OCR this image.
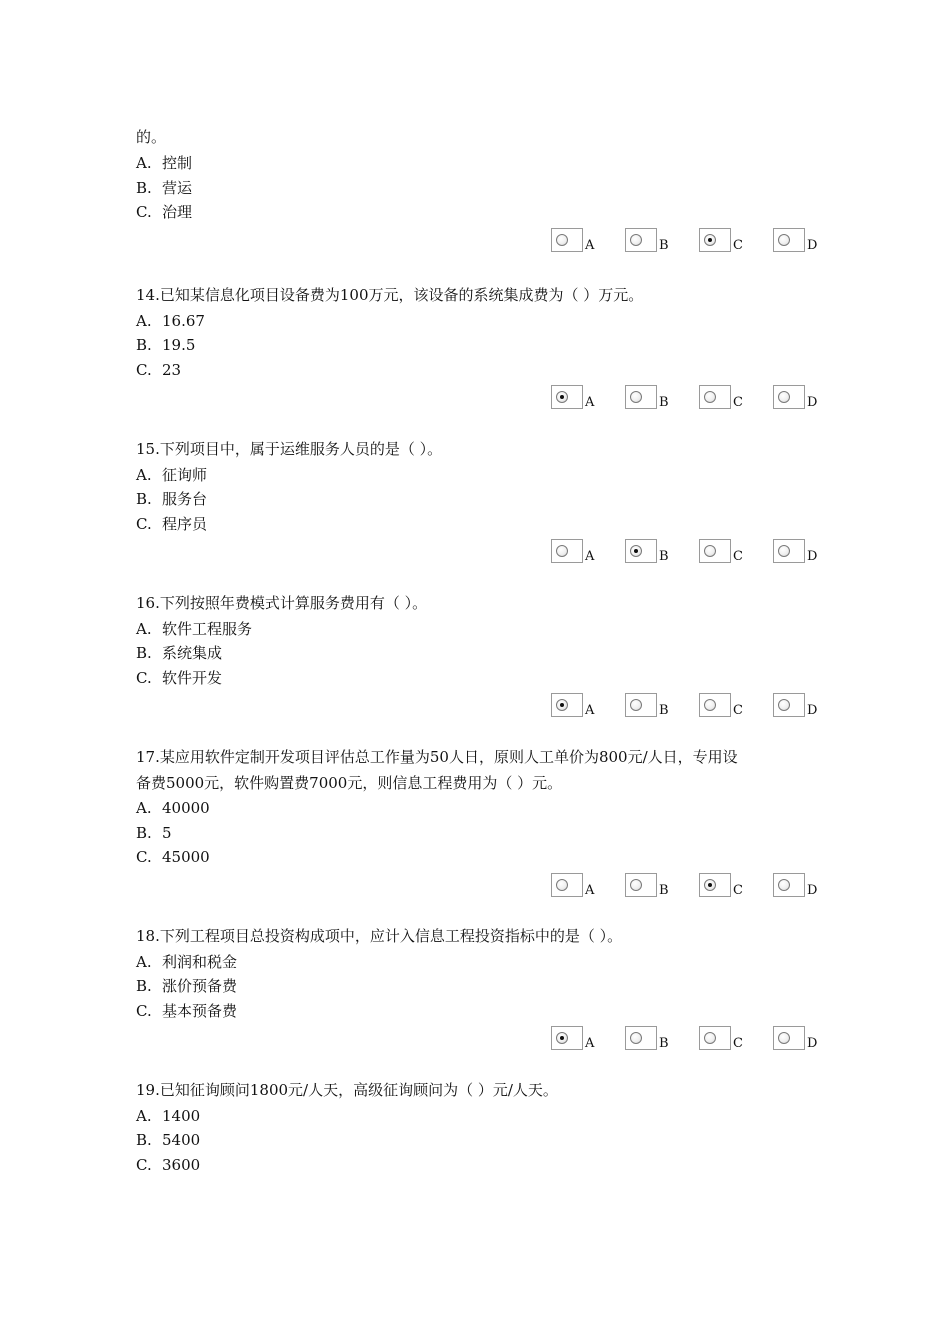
的。
A. 控制
B. 营运
C. 治理
A	B	C	D
14.已知某信息化项目设备费为100万元，该设备的系统集成费为（ ）万元。
A. 16.67
B. 19.5
C. 23
A	B	C	D
15.下列项目中，属于运维服务人员的是（ ）。
A. 征询师
B. 服务台
C. 程序员
A	B	C	D
16.下列按照年费模式计算服务费用有（ ）。
A. 软件工程服务
B. 系统集成
C. 软件开发
A	B	C	D
17.某应用软件定制开发项目评估总工作量为50人日，原则人工单价为800元/人日，专用设
备费5000元，软件购置费7000元，则信息工程费用为（ ）元。
A. 40000
B. 5
C. 45000
A	B	C	D
18.下列工程项目总投资构成项中，应计入信息工程投资指标中的是（ ）。
A. 利润和税金
B. 涨价预备费
C. 基本预备费
A	B	C	D
19.已知征询顾问1800元/人天，高级征询顾问为（ ）元/人天。
A. 1400
B. 5400
C. 3600
